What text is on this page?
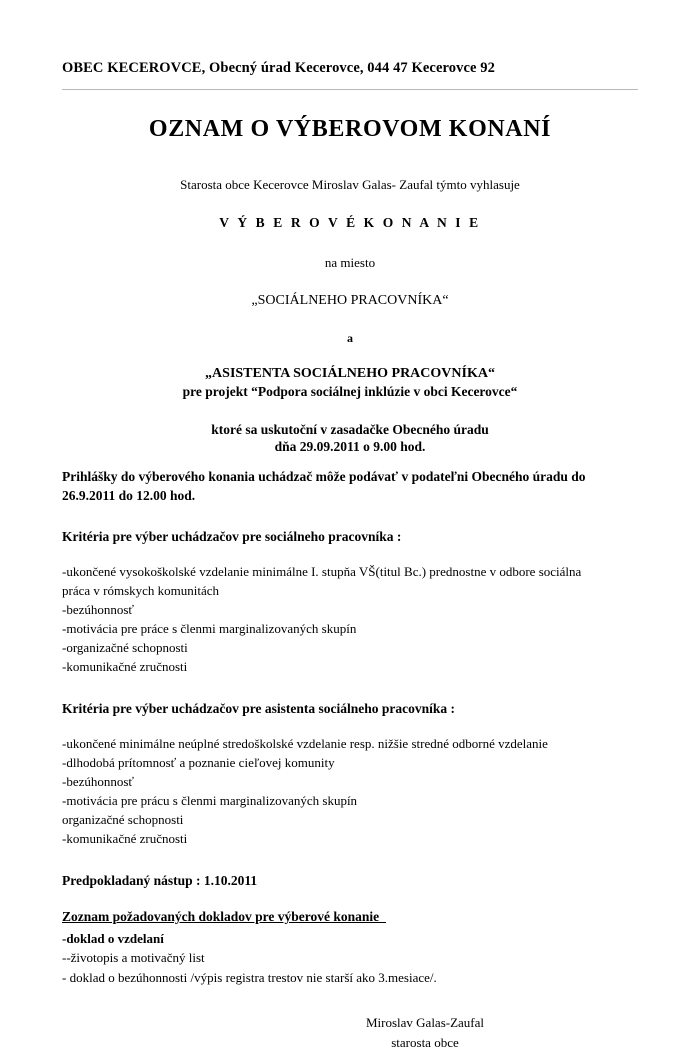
OBEC KECEROVCE, Obecný úrad Kecerovce, 044 47 Kecerovce 92
OZNAM O VÝBEROVOM KONANÍ

Starosta obce Kecerovce Miroslav Galas- Zaufal týmto vyhlasuje

V Ý B E R O V É K O N A N I E

na miesto

„SOCIÁLNEHO PRACOVNÍKA“

a

„ASISTENTA SOCIÁLNEHO PRACOVNÍKA“

pre projekt “Podpora sociálnej inklúzie v obci Kecerovce“

ktoré sa uskutoční v zasadačke Obecného úradu

dňa 29.09.2011 o 9.00 hod.

Prihlášky do výberového konania uchádzač môže podávať v podateľni Obecného úradu do
26.9.2011 do 12.00 hod.

Kritéria pre výber uchádzačov pre sociálneho pracovníka :

-ukončené vysokoškolské vzdelanie minimálne I. stupňa VŠ(titul Bc.) prednostne v odbore sociálna
práca v rómskych komunitách
-bezúhonnosť
-motivácia pre práce s členmi marginalizovaných skupín
-organizačné schopnosti
-komunikačné zručnosti

Kritéria pre výber uchádzačov pre asistenta sociálneho pracovníka :

-ukončené minimálne neúplné stredoškolské vzdelanie resp. nižšie stredné odborné vzdelanie
-dlhodobá prítomnosť a poznanie cieľovej komunity
-bezúhonnosť
-motivácia pre prácu s členmi marginalizovaných skupín
organizačné schopnosti
-komunikačné zručnosti

Predpokladaný nástup : 1.10.2011

Zoznam požadovaných dokladov pre výberové konanie_

-doklad o vzdelaní
--životopis a motivačný list
- doklad o bezúhonnosti /výpis registra trestov nie starší ako 3.mesiace/.
Miroslav Galas-Zaufal
starosta obce
